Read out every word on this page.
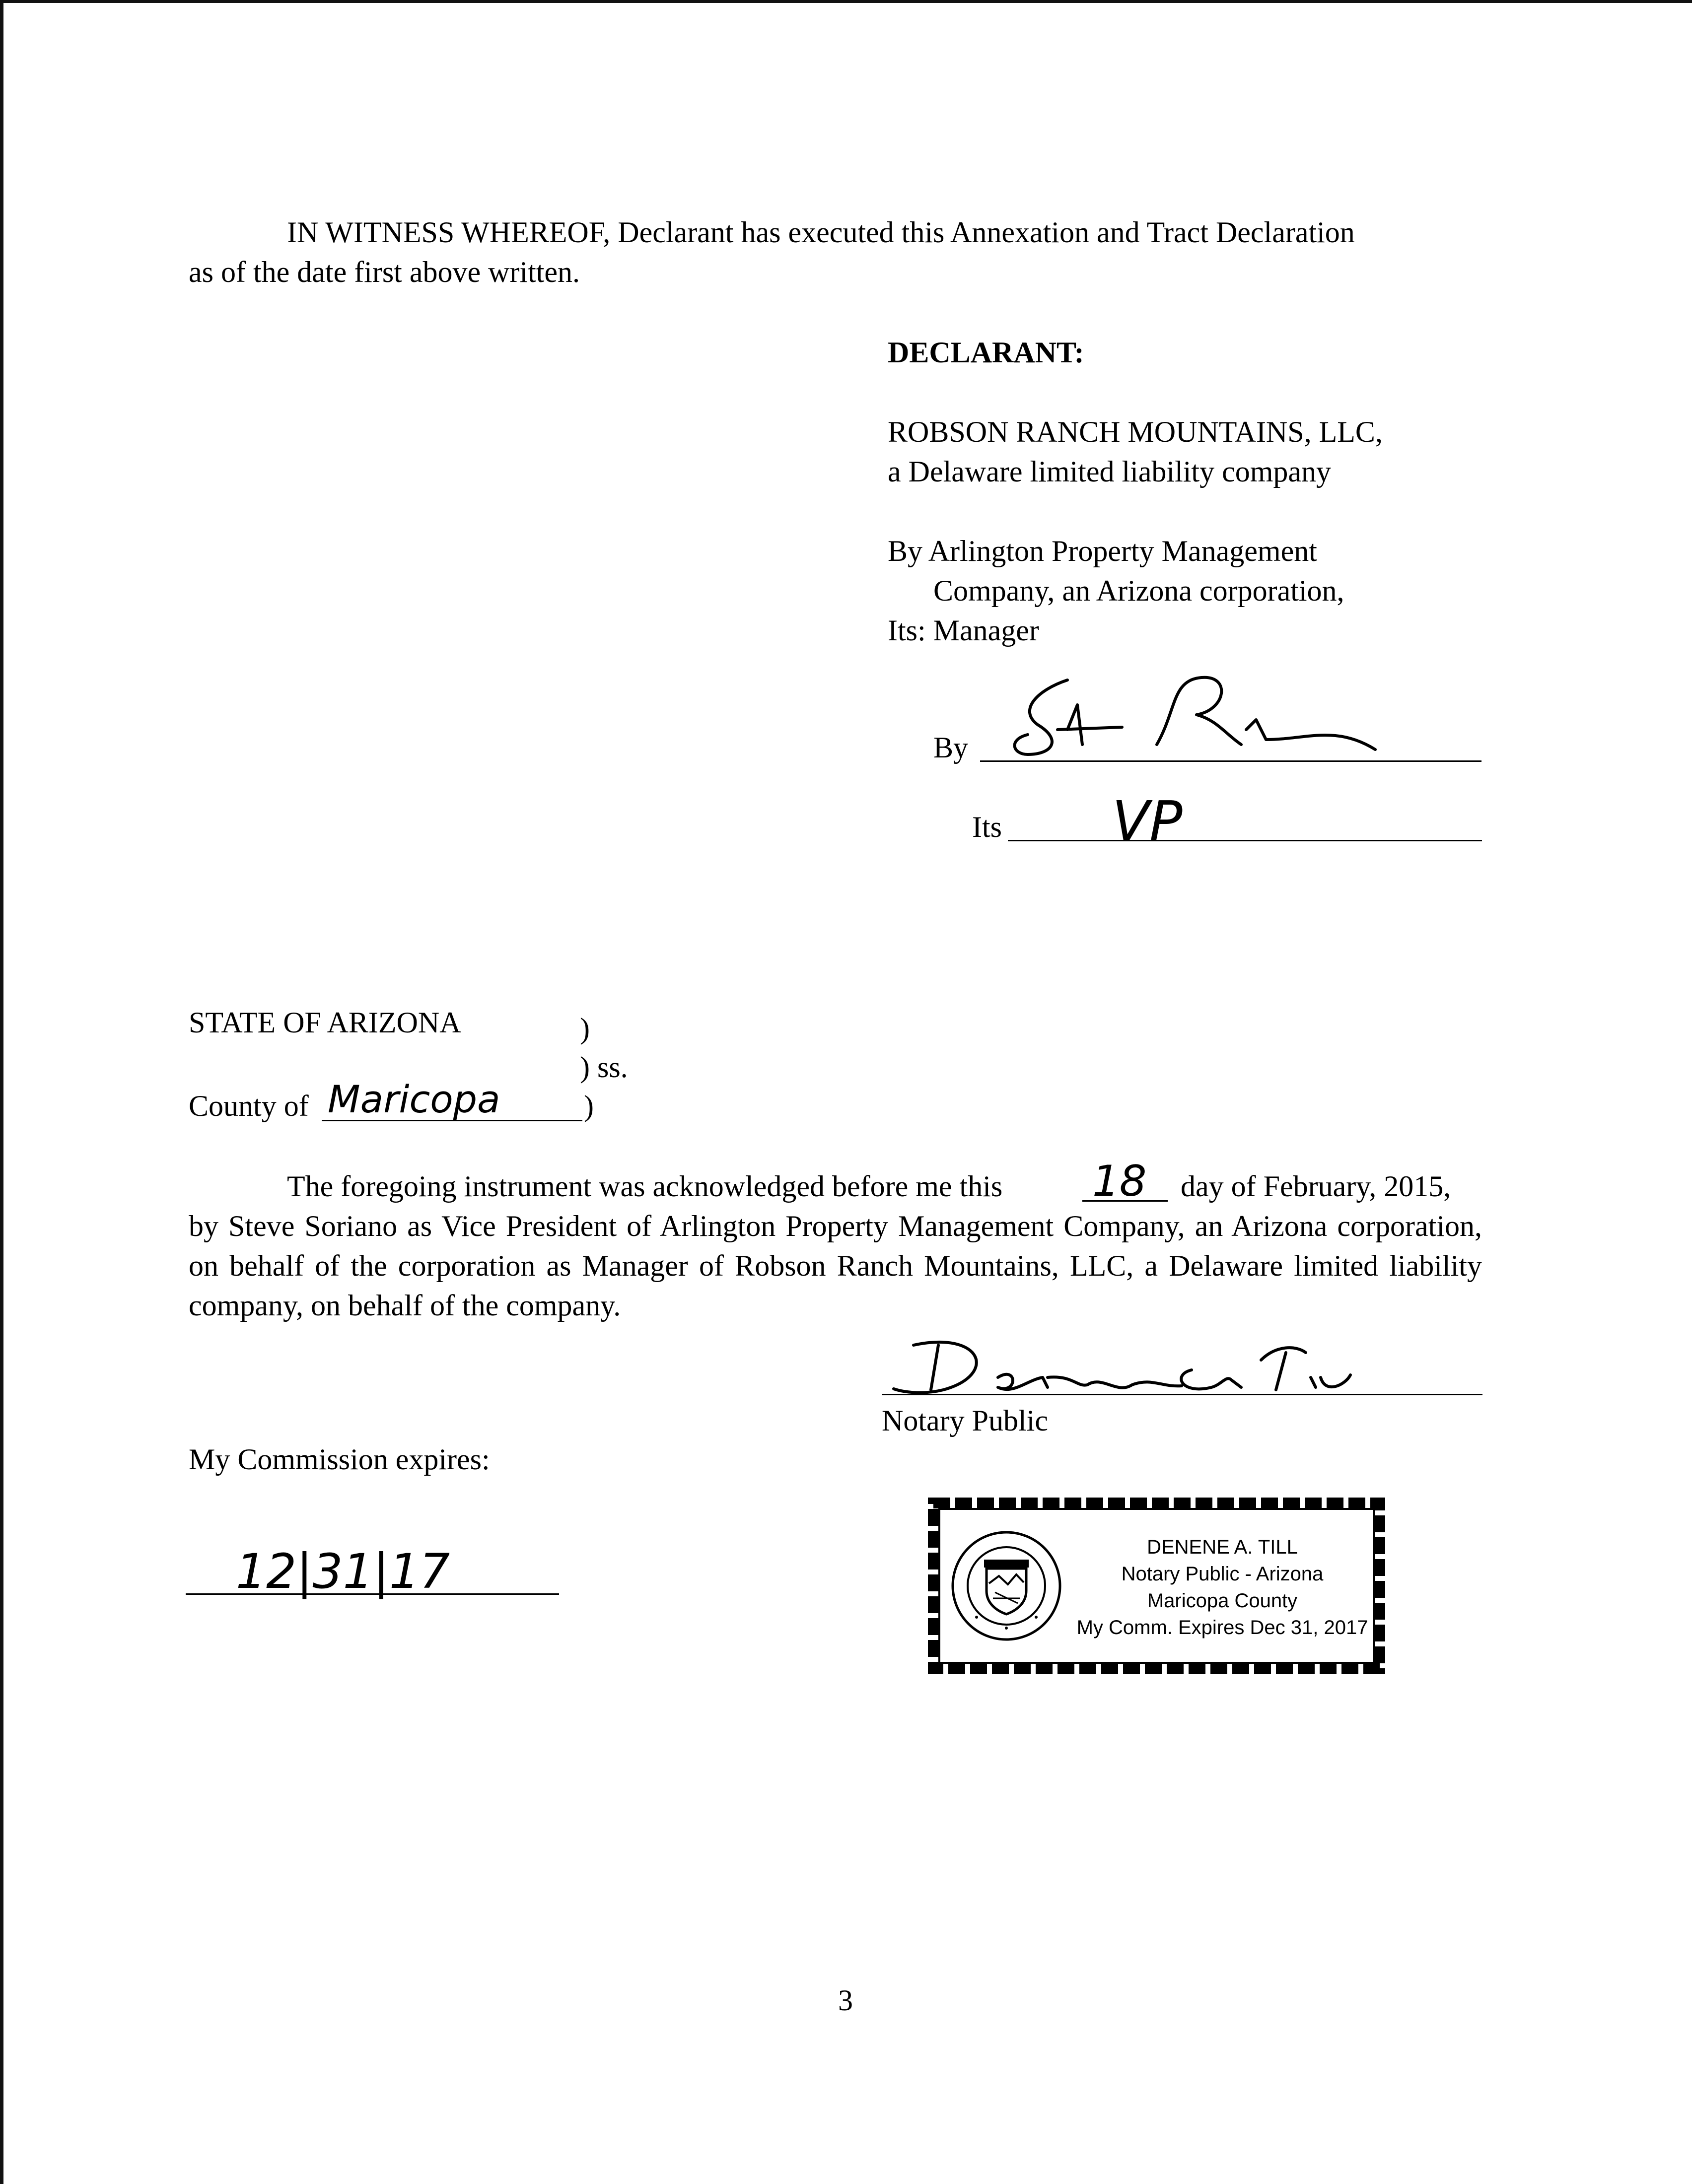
IN WITNESS WHEREOF, Declarant has executed this Annexation and Tract Declaration
as of the date first above written.
DECLARANT:
ROBSON RANCH MOUNTAINS, LLC,
a Delaware limited liability company
By Arlington Property Management
Company, an Arizona corporation,
Its: Manager
By
Its VP
STATE OF ARIZONA	)
) ss.
County of Maricopa	)
The foregoing instrument was acknowledged before me this 18 day of February, 2015,
by Steve Soriano as Vice President of Arlington Property Management Company, an Arizona corporation, on behalf of the corporation as Manager of Robson Ranch Mountains, LLC, a Delaware limited liability company, on behalf of the company.
Notary Public
My Commission expires:
12|31|17	DENENE A. TILL
Notary Public - Arizona
Maricopa County
My Comm. Expires Dec 31, 2017
3
